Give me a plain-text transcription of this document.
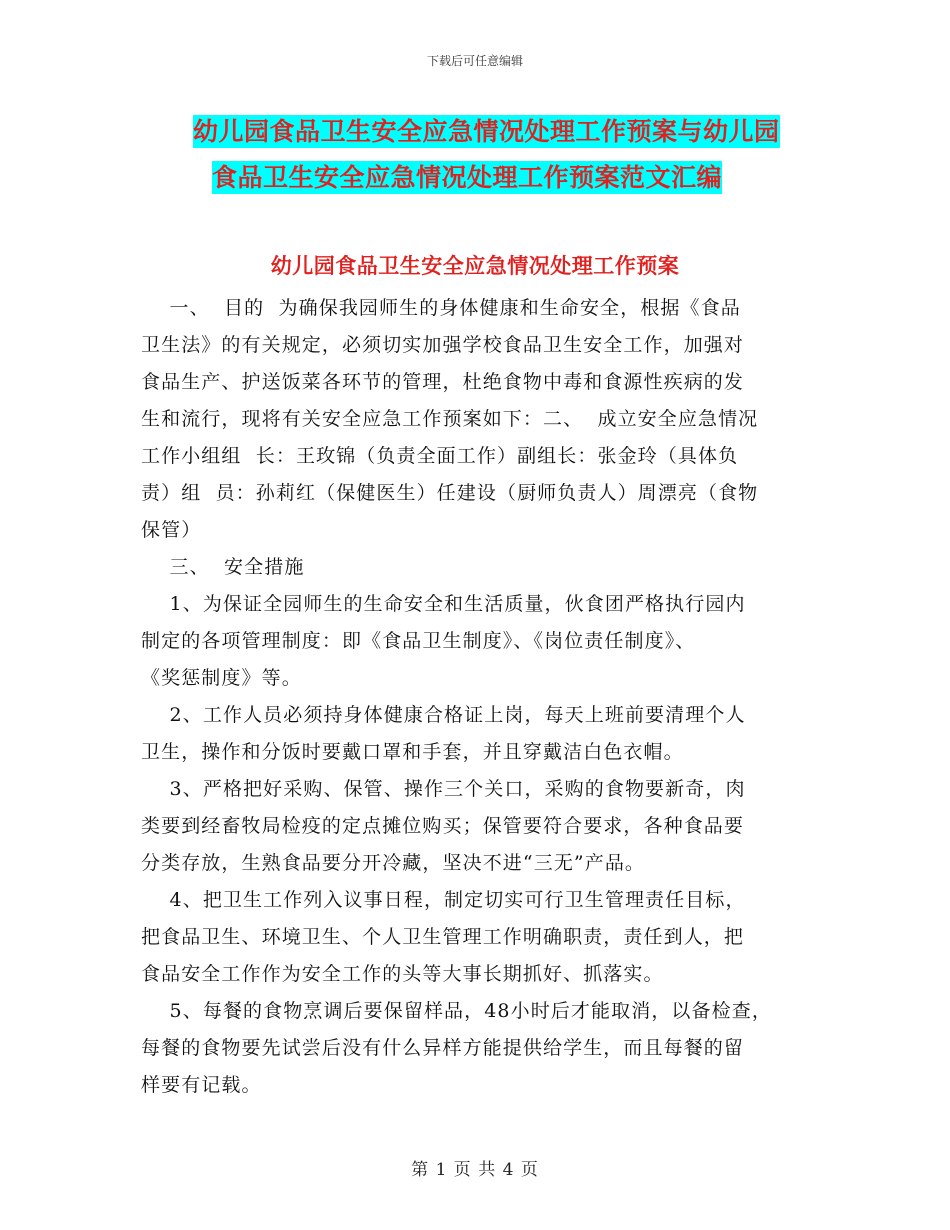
下载后可任意编辑
幼儿园食品卫生安全应急情况处理工作预案与幼儿园
食品卫生安全应急情况处理工作预案范文汇编
幼儿园食品卫生安全应急情况处理工作预案
一、  目的  为确保我园师生的身体健康和生命安全，根据《食品
卫生法》的有关规定，必须切实加强学校食品卫生安全工作，加强对
食品生产、护送饭菜各环节的管理，杜绝食物中毒和食源性疾病的发
生和流行，现将有关安全应急工作预案如下：二、  成立安全应急情况
工作小组组  长：王玫锦（负责全面工作）副组长：张金玲（具体负
责）组  员：孙莉红（保健医生）任建设（厨师负责人）周漂亮（食物
保管）
三、  安全措施
1、为保证全园师生的生命安全和生活质量，伙食团严格执行园内
制定的各项管理制度：即《食品卫生制度》、《岗位责任制度》、
《奖惩制度》等。
2、工作人员必须持身体健康合格证上岗，每天上班前要清理个人
卫生，操作和分饭时要戴口罩和手套，并且穿戴洁白色衣帽。
3、严格把好采购、保管、操作三个关口，采购的食物要新奇，肉
类要到经畜牧局检疫的定点摊位购买；保管要符合要求，各种食品要
分类存放，生熟食品要分开冷藏，坚决不进“三无”产品。
4、把卫生工作列入议事日程，制定切实可行卫生管理责任目标，
把食品卫生、环境卫生、个人卫生管理工作明确职责，责任到人，把
食品安全工作作为安全工作的头等大事长期抓好、抓落实。
5、每餐的食物烹调后要保留样品，48小时后才能取消，以备检查，
每餐的食物要先试尝后没有什么异样方能提供给学生，而且每餐的留
样要有记载。
第 1 页 共 4 页
